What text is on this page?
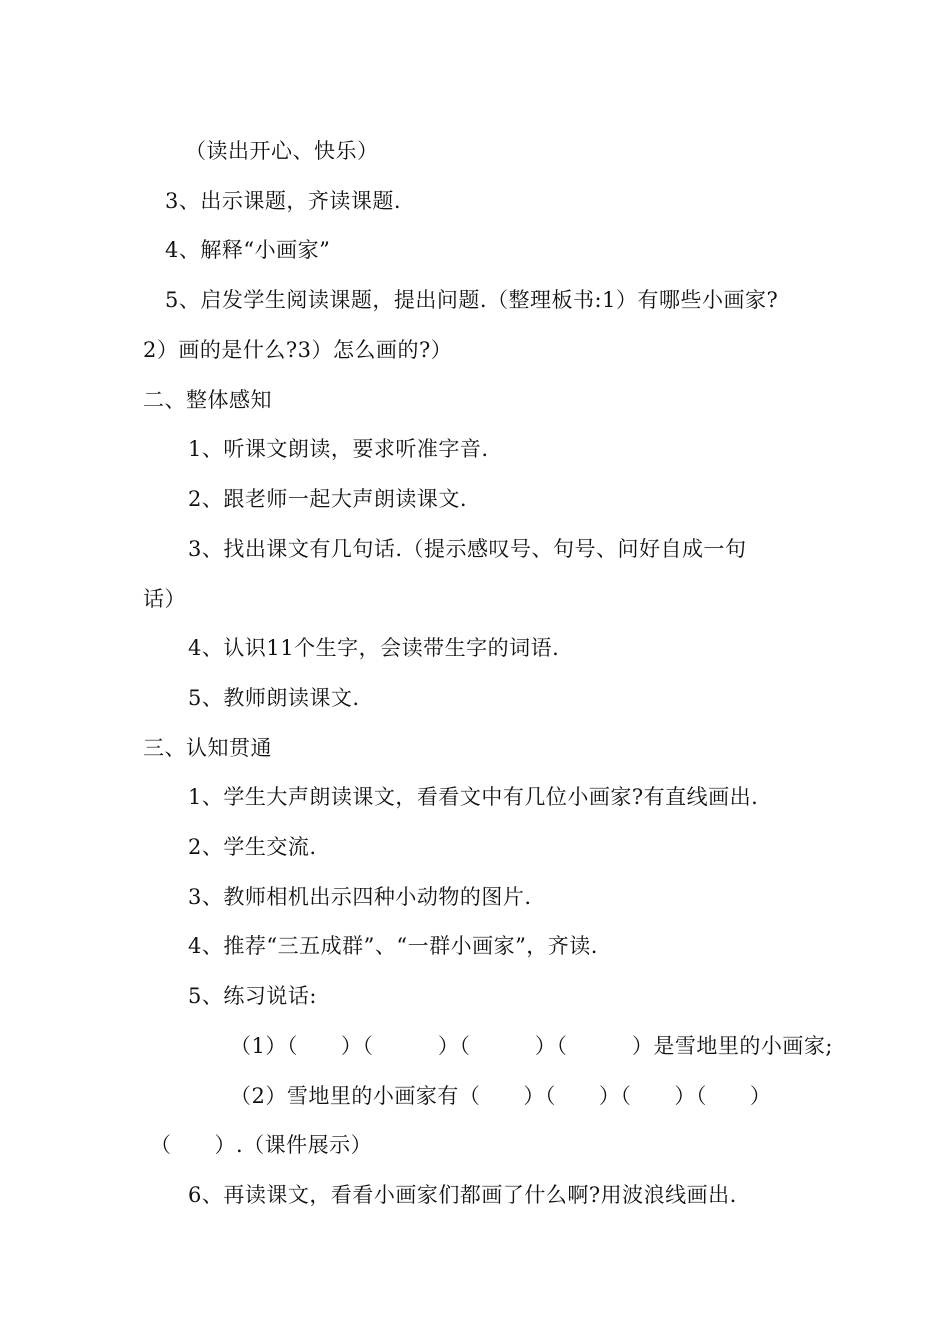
（读出开心、快乐）
3、出示课题，齐读课题.
4、解释“小画家”
5、启发学生阅读课题，提出问题.（整理板书:1）有哪些小画家?
2）画的是什么?3）怎么画的?）
二、整体感知
1、听课文朗读，要求听准字音.
2、跟老师一起大声朗读课文.
3、找出课文有几句话.（提示感叹号、句号、问好自成一句
话）
4、认识11个生字，会读带生字的词语.
5、教师朗读课文.
三、认知贯通
1、学生大声朗读课文，看看文中有几位小画家?有直线画出.
2、学生交流.
3、教师相机出示四种小动物的图片.
4、推荐“三五成群”、“一群小画家”，齐读.
5、练习说话:
（1）（　　）（　　　）（　　　）（　　　）是雪地里的小画家;
（2）雪地里的小画家有（　　）（　　）（　　）（　　）
（　　）.（课件展示）
6、再读课文，看看小画家们都画了什么啊?用波浪线画出.
